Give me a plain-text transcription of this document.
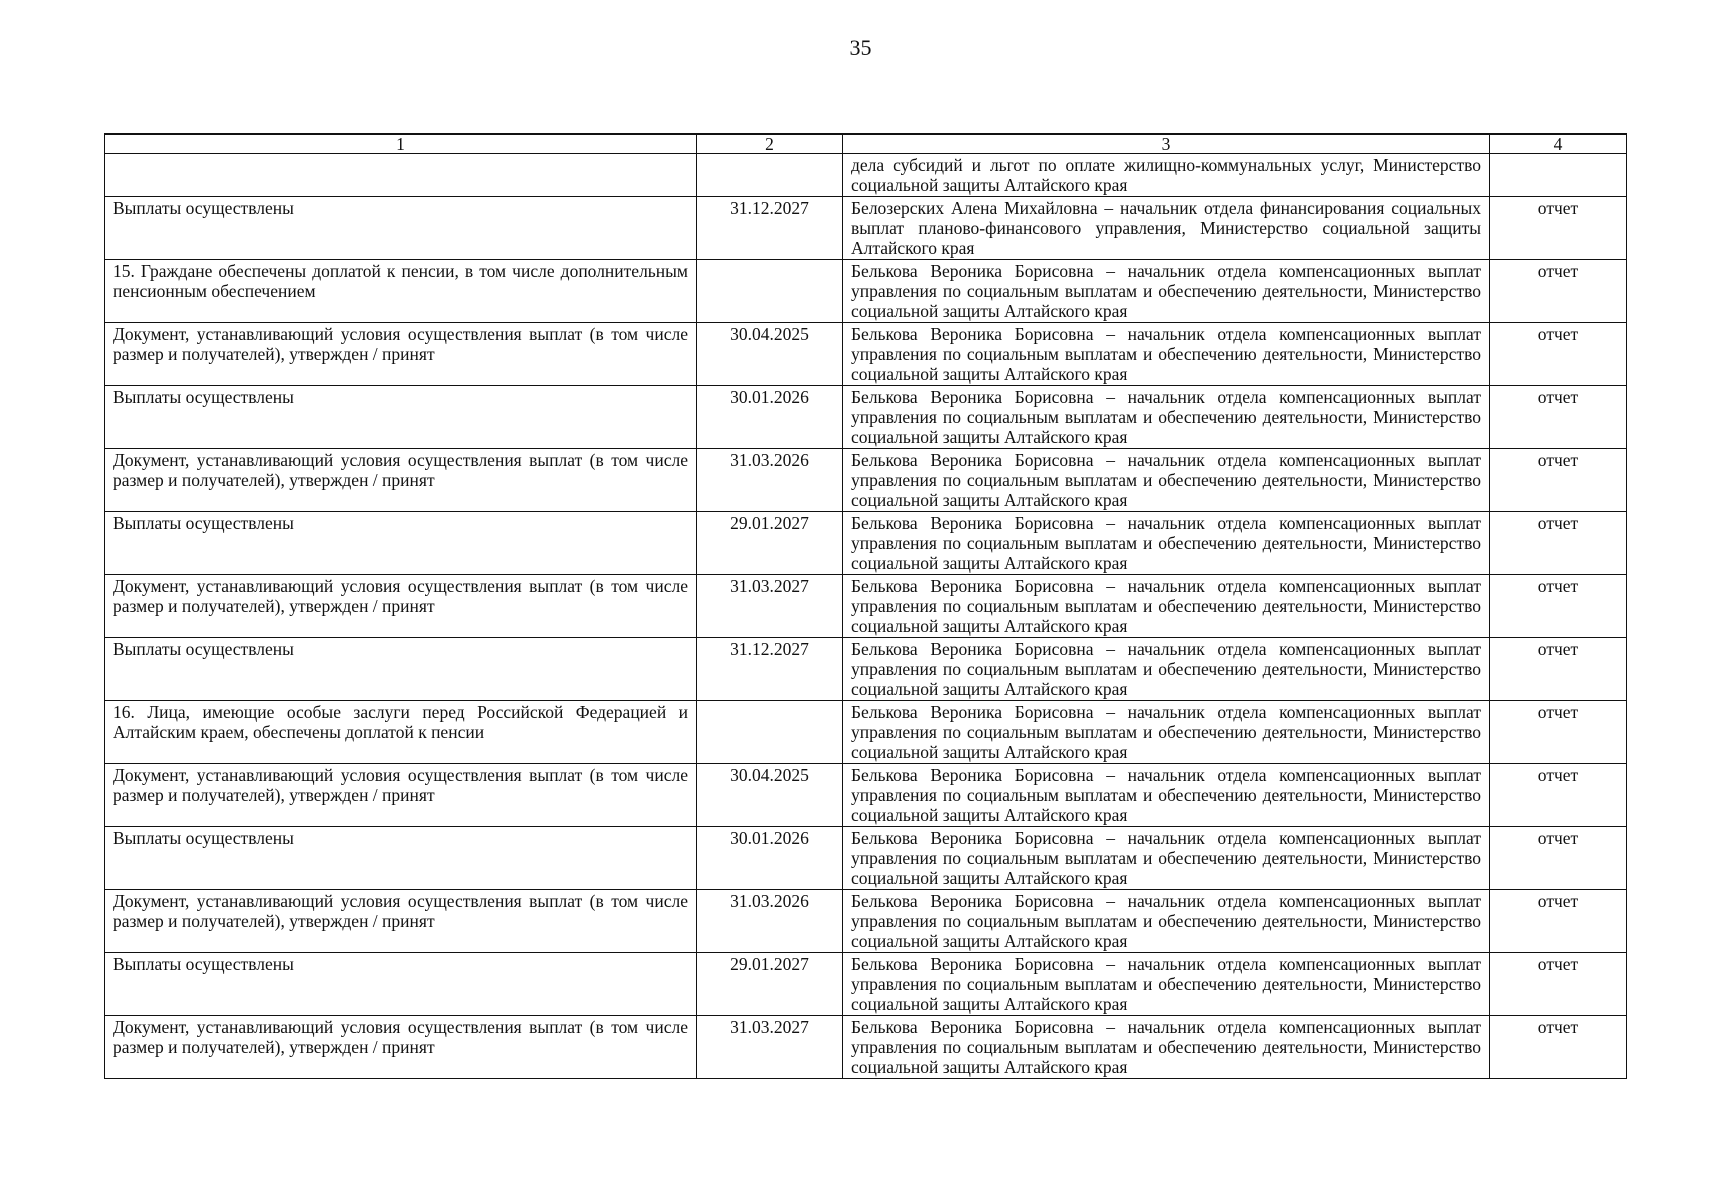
35
1	2	3	4
		дела субсидий и льгот по оплате жилищно-коммунальных услуг, Министерство социальной защиты Алтайского края	
Выплаты осуществлены	31.12.2027	Белозерских Алена Михайловна – начальник отдела финансирования социальных выплат планово-финансового управления, Министерство социальной защиты Алтайского края	отчет
15. Граждане обеспечены доплатой к пенсии, в том числе дополнительным пенсионным обеспечением		Белькова Вероника Борисовна – начальник отдела компенсационных выплат управления по социальным выплатам и обеспечению деятельности, Министерство социальной защиты Алтайского края	отчет
Документ, устанавливающий условия осуществления выплат (в том числе размер и получателей), утвержден / принят	30.04.2025	Белькова Вероника Борисовна – начальник отдела компенсационных выплат управления по социальным выплатам и обеспечению деятельности, Министерство социальной защиты Алтайского края	отчет
Выплаты осуществлены	30.01.2026	Белькова Вероника Борисовна – начальник отдела компенсационных выплат управления по социальным выплатам и обеспечению деятельности, Министерство социальной защиты Алтайского края	отчет
Документ, устанавливающий условия осуществления выплат (в том числе размер и получателей), утвержден / принят	31.03.2026	Белькова Вероника Борисовна – начальник отдела компенсационных выплат управления по социальным выплатам и обеспечению деятельности, Министерство социальной защиты Алтайского края	отчет
Выплаты осуществлены	29.01.2027	Белькова Вероника Борисовна – начальник отдела компенсационных выплат управления по социальным выплатам и обеспечению деятельности, Министерство социальной защиты Алтайского края	отчет
Документ, устанавливающий условия осуществления выплат (в том числе размер и получателей), утвержден / принят	31.03.2027	Белькова Вероника Борисовна – начальник отдела компенсационных выплат управления по социальным выплатам и обеспечению деятельности, Министерство социальной защиты Алтайского края	отчет
Выплаты осуществлены	31.12.2027	Белькова Вероника Борисовна – начальник отдела компенсационных выплат управления по социальным выплатам и обеспечению деятельности, Министерство социальной защиты Алтайского края	отчет
16. Лица, имеющие особые заслуги перед Российской Федерацией и Алтайским краем, обеспечены доплатой к пенсии		Белькова Вероника Борисовна – начальник отдела компенсационных выплат управления по социальным выплатам и обеспечению деятельности, Министерство социальной защиты Алтайского края	отчет
Документ, устанавливающий условия осуществления выплат (в том числе размер и получателей), утвержден / принят	30.04.2025	Белькова Вероника Борисовна – начальник отдела компенсационных выплат управления по социальным выплатам и обеспечению деятельности, Министерство социальной защиты Алтайского края	отчет
Выплаты осуществлены	30.01.2026	Белькова Вероника Борисовна – начальник отдела компенсационных выплат управления по социальным выплатам и обеспечению деятельности, Министерство социальной защиты Алтайского края	отчет
Документ, устанавливающий условия осуществления выплат (в том числе размер и получателей), утвержден / принят	31.03.2026	Белькова Вероника Борисовна – начальник отдела компенсационных выплат управления по социальным выплатам и обеспечению деятельности, Министерство социальной защиты Алтайского края	отчет
Выплаты осуществлены	29.01.2027	Белькова Вероника Борисовна – начальник отдела компенсационных выплат управления по социальным выплатам и обеспечению деятельности, Министерство социальной защиты Алтайского края	отчет
Документ, устанавливающий условия осуществления выплат (в том числе размер и получателей), утвержден / принят	31.03.2027	Белькова Вероника Борисовна – начальник отдела компенсационных выплат управления по социальным выплатам и обеспечению деятельности, Министерство социальной защиты Алтайского края	отчет
